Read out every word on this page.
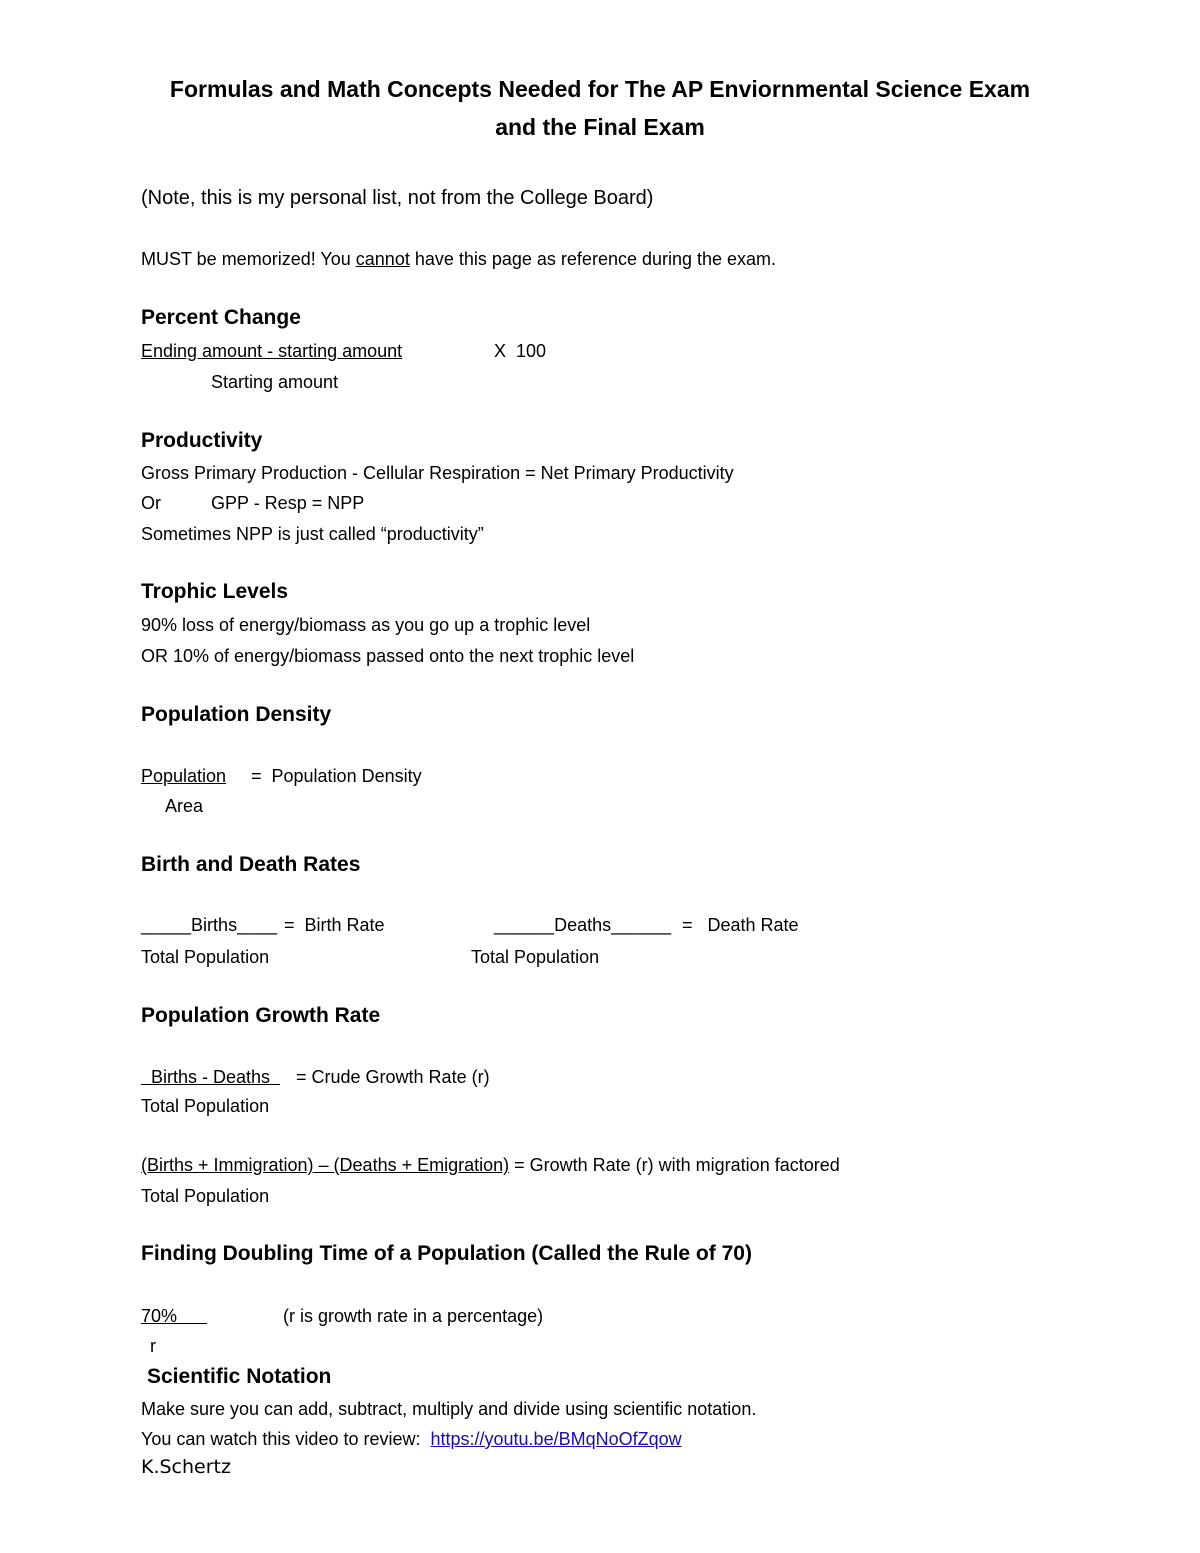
Formulas and Math Concepts Needed for The AP Enviornmental Science Exam
and the Final Exam
(Note, this is my personal list, not from the College Board)
MUST be memorized! You cannot have this page as reference during the exam.
Percent Change
Ending amount - starting amount	X  100
Starting amount
Productivity
Gross Primary Production - Cellular Respiration = Net Primary Productivity
Or	GPP - Resp = NPP
Sometimes NPP is just called “productivity”
Trophic Levels
90% loss of energy/biomass as you go up a trophic level
OR 10% of energy/biomass passed onto the next trophic level
Population Density
Population =  Population Density
Area
Birth and Death Rates
_____Births____ =  Birth Rate
Total Population
______Deaths______ =   Death Rate
Total Population
Population Growth Rate
Births - Deaths = Crude Growth Rate (r)
Total Population
(Births + Immigration) – (Deaths + Emigration) = Growth Rate (r) with migration factored
Total Population
Finding Doubling Time of a Population (Called the Rule of 70)
70%	(r is growth rate in a percentage)
r
Scientific Notation
Make sure you can add, subtract, multiply and divide using scientific notation.
You can watch this video to review:  https://youtu.be/BMqNoOfZqow
K.Schertz
